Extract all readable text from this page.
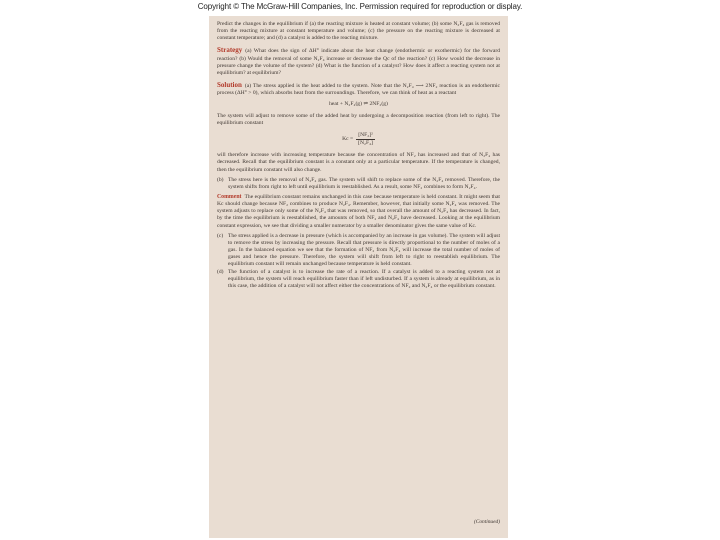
Copyright © The McGraw-Hill Companies, Inc. Permission required for reproduction or display.

Predict the changes in the equilibrium if (a) the reacting mixture is heated at constant volume; (b) some N₂F₄ gas is removed from the reacting mixture at constant temperature and volume; (c) the pressure on the reacting mixture is decreased at constant temperature; and (d) a catalyst is added to the reacting mixture.

Strategy (a) What does the sign of ΔH° indicate about the heat change (endothermic or exothermic) for the forward reaction? (b) Would the removal of some N₂F₄ increase or decrease the Qc of the reaction? (c) How would the decrease in pressure change the volume of the system? (d) What is the function of a catalyst? How does it affect a reacting system not at equilibrium? at equilibrium?

Solution (a) The stress applied is the heat added to the system. Note that the N₂F₄ ⟶ 2NF₂ reaction is an endothermic process (ΔH° > 0), which absorbs heat from the surroundings. Therefore, we can think of heat as a reactant

heat + N₂F₄(g) ⇌ 2NF₂(g)

The system will adjust to remove some of the added heat by undergoing a decomposition reaction (from left to right). The equilibrium constant

$Kc = \frac{\text{[NF₂]²}}{\text{[N₂F₄]}}$

will therefore increase with increasing temperature because the concentration of NF₂ has increased and that of N₂F₄ has decreased. Recall that the equilibrium constant is a constant only at a particular temperature. If the temperature is changed, then the equilibrium constant will also change.

(b) The stress here is the removal of N₂F₄ gas. The system will shift to replace some of the N₂F₄ removed. Therefore, the system shifts from right to left until equilibrium is reestablished. As a result, some NF₂ combines to form N₂F₄.

Comment The equilibrium constant remains unchanged in this case because temperature is held constant. It might seem that Kc should change because NF₂ combines to produce N₂F₄. Remember, however, that initially some N₂F₄ was removed. The system adjusts to replace only some of the N₂F₄ that was removed, so that overall the amount of N₂F₄ has decreased. In fact, by the time the equilibrium is reestablished, the amounts of both NF₂ and N₂F₄ have decreased. Looking at the equilibrium constant expression, we see that dividing a smaller numerator by a smaller denominator gives the same value of Kc.

(c) The stress applied is a decrease in pressure (which is accompanied by an increase in gas volume). The system will adjust to remove the stress by increasing the pressure. Recall that pressure is directly proportional to the number of moles of a gas. In the balanced equation we see that the formation of NF₂ from N₂F₄ will increase the total number of moles of gases and hence the pressure. Therefore, the system will shift from left to right to reestablish equilibrium. The equilibrium constant will remain unchanged because temperature is held constant.

(d) The function of a catalyst is to increase the rate of a reaction. If a catalyst is added to a reacting system not at equilibrium, the system will reach equilibrium faster than if left undisturbed. If a system is already at equilibrium, as in this case, the addition of a catalyst will not affect either the concentrations of NF₂ and N₂F₄ or the equilibrium constant.

(Continued)
